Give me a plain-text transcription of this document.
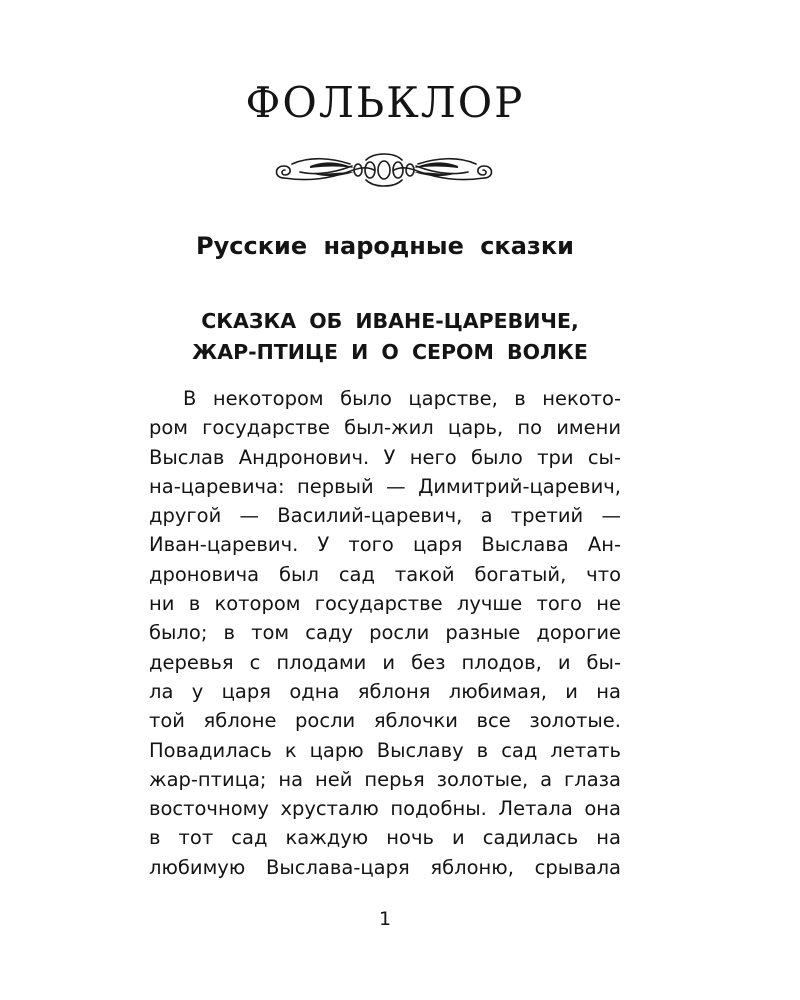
ФОЛЬКЛОР
Русские народные сказки
СКАЗКА ОБ ИВАНЕ-ЦАРЕВИЧЕ,
ЖАР-ПТИЦЕ И О СЕРОМ ВОЛКЕ
В некотором было царстве, в некото-
ром государстве был-жил царь, по имени
Выслав Андронович. У него было три сы-
на-царевича: первый — Димитрий-царевич,
другой — Василий-царевич, а третий —
Иван-царевич. У того царя Выслава Ан-
дроновича был сад такой богатый, что
ни в котором государстве лучше того не
было; в том саду росли разные дорогие
деревья с плодами и без плодов, и бы-
ла у царя одна яблоня любимая, и на
той яблоне росли яблочки все золотые.
Повадилась к царю Выславу в сад летать
жар-птица; на ней перья золотые, а глаза
восточному хрусталю подобны. Летала она
в тот сад каждую ночь и садилась на
любимую Выслава-царя яблоню, срывала
1
